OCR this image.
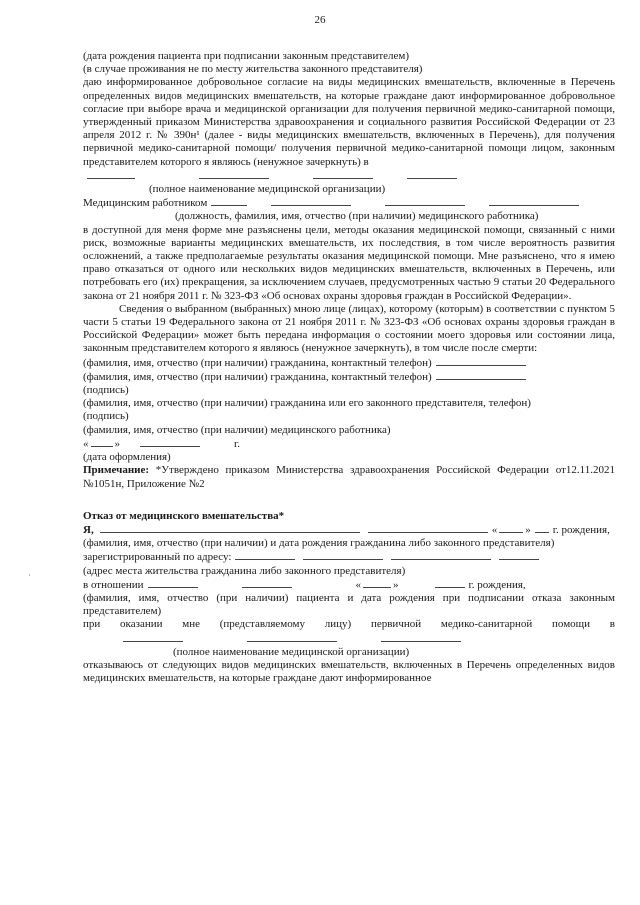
26
ʾ
(дата рождения пациента при подписании законным представителем)
(в случае проживания не по месту жительства законного представителя)
даю информированное добровольное согласие на виды медицинских вмешательств, включенные в Перечень определенных видов медицинских вмешательств, на которые граждане дают информированное добровольное согласие при выборе врача и медицинской организации для получения первичной медико-санитарной помощи, утвержденный приказом Министерства здравоохранения и социального развития Российской Федерации от 23 апреля 2012 г. № 390н¹ (далее - виды медицинских вмешательств, включенных в Перечень), для получения первичной медико-санитарной помощи/ получения первичной медико-санитарной помощи лицом, законным представителем которого я являюсь (ненужное зачеркнуть) в
(полное наименование медицинской организации)
Медицинским работником
(должность, фамилия, имя, отчество (при наличии) медицинского работника)
в доступной для меня форме мне разъяснены цели, методы оказания медицинской помощи, связанный с ними риск, возможные варианты медицинских вмешательств, их последствия, в том числе вероятность развития осложнений, а также предполагаемые результаты оказания медицинской помощи. Мне разъяснено, что я имею право отказаться от одного или нескольких видов медицинских вмешательств, включенных в Перечень, или потребовать его (их) прекращения, за исключением случаев, предусмотренных частью 9 статьи 20 Федерального закона от 21 ноября 2011 г. № 323-ФЗ «Об основах охраны здоровья граждан в Российской Федерации».
Сведения о выбранном (выбранных) мною лице (лицах), которому (которым) в соответствии с пунктом 5 части 5 статьи 19 Федерального закона от 21 ноября 2011 г. № 323-ФЗ «Об основах охраны здоровья граждан в Российской Федерации» может быть передана информация о состоянии моего здоровья или состоянии лица, законным представителем которого я являюсь (ненужное зачеркнуть), в том числе после смерти:
(фамилия, имя, отчество (при наличии) гражданина, контактный телефон)
(фамилия, имя, отчество (при наличии) гражданина, контактный телефон)
(подпись)
(фамилия, имя, отчество (при наличии) гражданина или его законного представителя, телефон)
(подпись)
(фамилия, имя, отчество (при наличии) медицинского работника)
« »	г.
(дата оформления)
Примечание: *Утверждено приказом Министерства здравоохранения Российской Федерации от12.11.2021 №1051н, Приложение №2
Отказ от медицинского вмешательства*
Я,	«	» г. рождения,
(фамилия, имя, отчество (при наличии) и дата рождения гражданина либо законного представителя)
зарегистрированный по адресу:
(адрес места жительства гражданина либо законного представителя)
в отношении	«	»	г. рождения,
(фамилия, имя, отчество (при наличии) пациента и дата рождения при подписании отказа законным представителем)
при оказании мне (представляемому лицу) первичной медико-санитарной помощи в
(полное наименование медицинской организации)
отказываюсь от следующих видов медицинских вмешательств, включенных в Перечень определенных видов медицинских вмешательств, на которые граждане дают информированное
